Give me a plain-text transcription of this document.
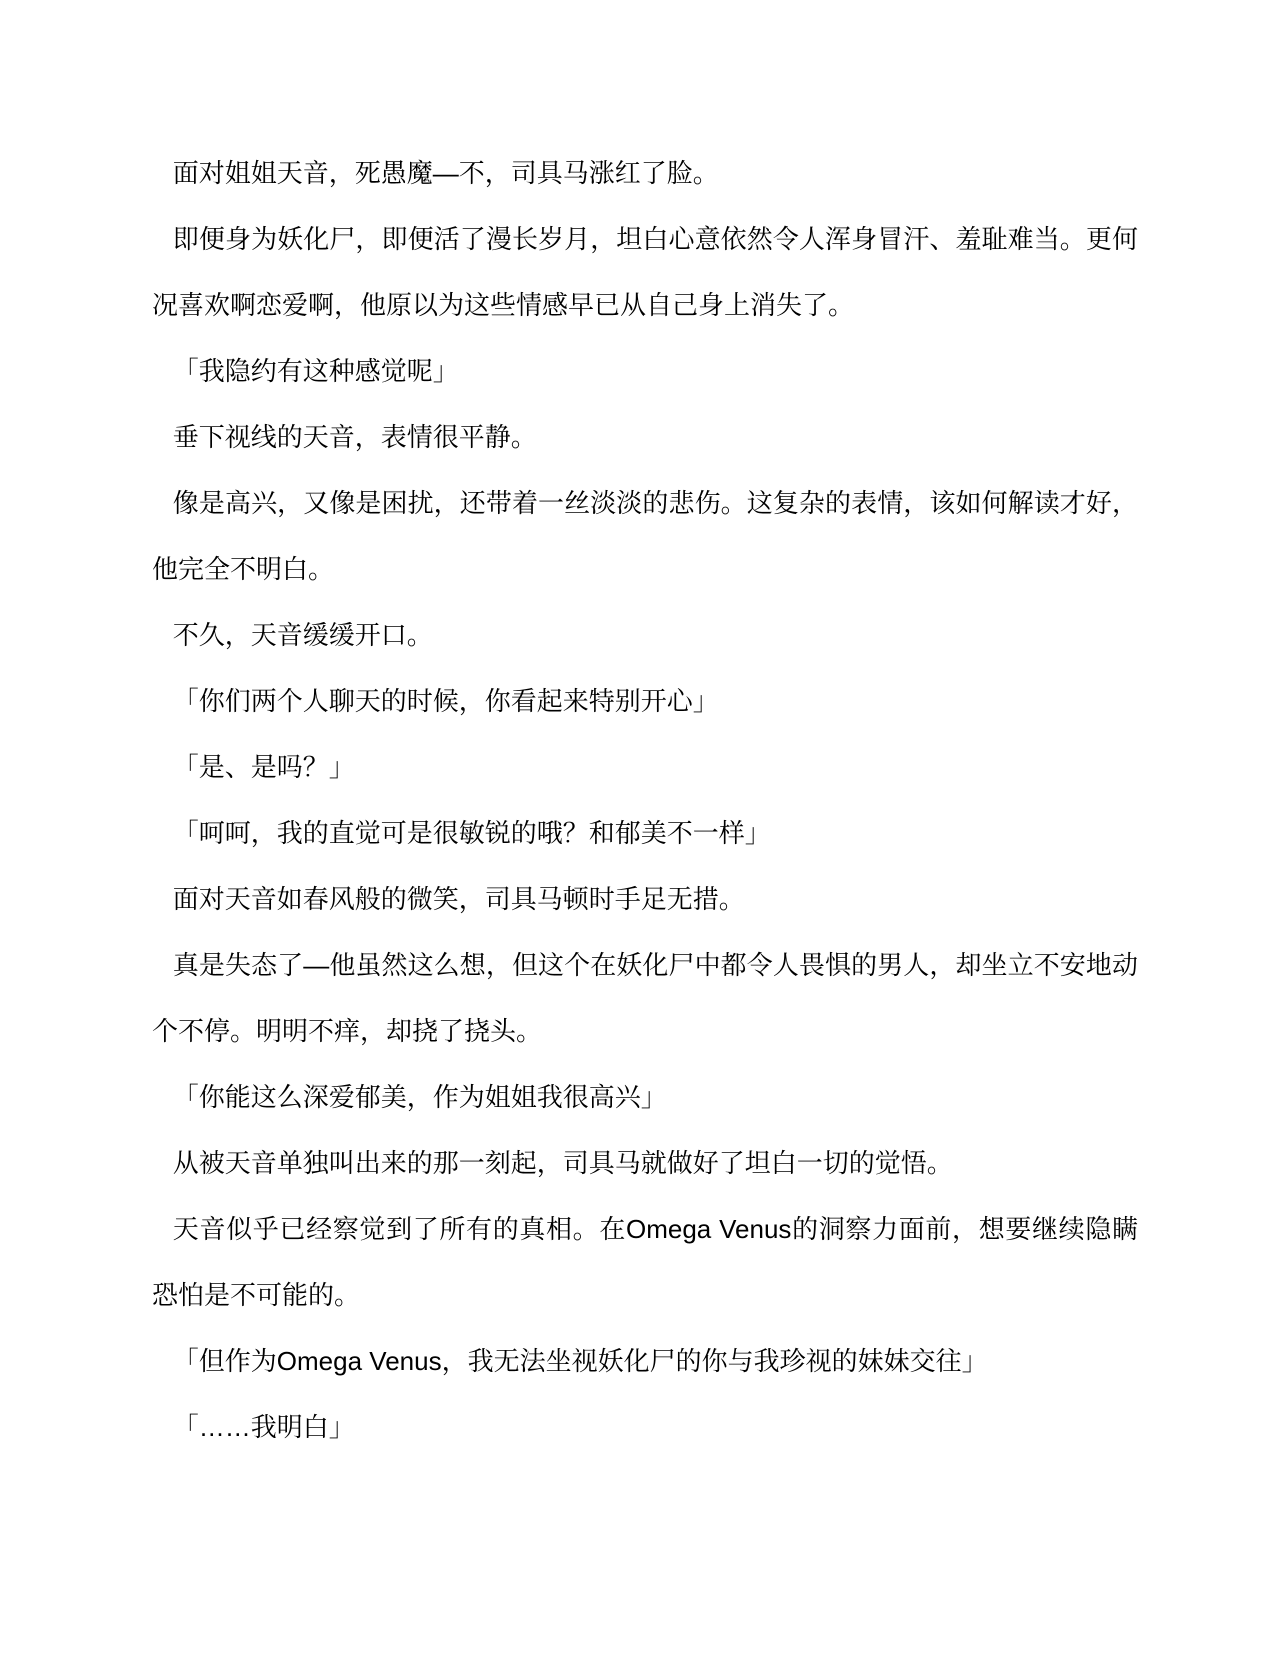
面对姐姐天音，死愚魔—不，司具马涨红了脸。

即便身为妖化尸，即便活了漫长岁月，坦白心意依然令人浑身冒汗、羞耻难当。更何况喜欢啊恋爱啊，他原以为这些情感早已从自己身上消失了。

「我隐约有这种感觉呢」

垂下视线的天音，表情很平静。

像是高兴，又像是困扰，还带着一丝淡淡的悲伤。这复杂的表情，该如何解读才好，他完全不明白。

不久，天音缓缓开口。

「你们两个人聊天的时候，你看起来特别开心」

「是、是吗？」

「呵呵，我的直觉可是很敏锐的哦？和郁美不一样」

面对天音如春风般的微笑，司具马顿时手足无措。

真是失态了—他虽然这么想，但这个在妖化尸中都令人畏惧的男人，却坐立不安地动个不停。明明不痒，却挠了挠头。

「你能这么深爱郁美，作为姐姐我很高兴」

从被天音单独叫出来的那一刻起，司具马就做好了坦白一切的觉悟。

天音似乎已经察觉到了所有的真相。在Omega Venus的洞察力面前，想要继续隐瞒恐怕是不可能的。

「但作为Omega Venus，我无法坐视妖化尸的你与我珍视的妹妹交往」

「……我明白」
